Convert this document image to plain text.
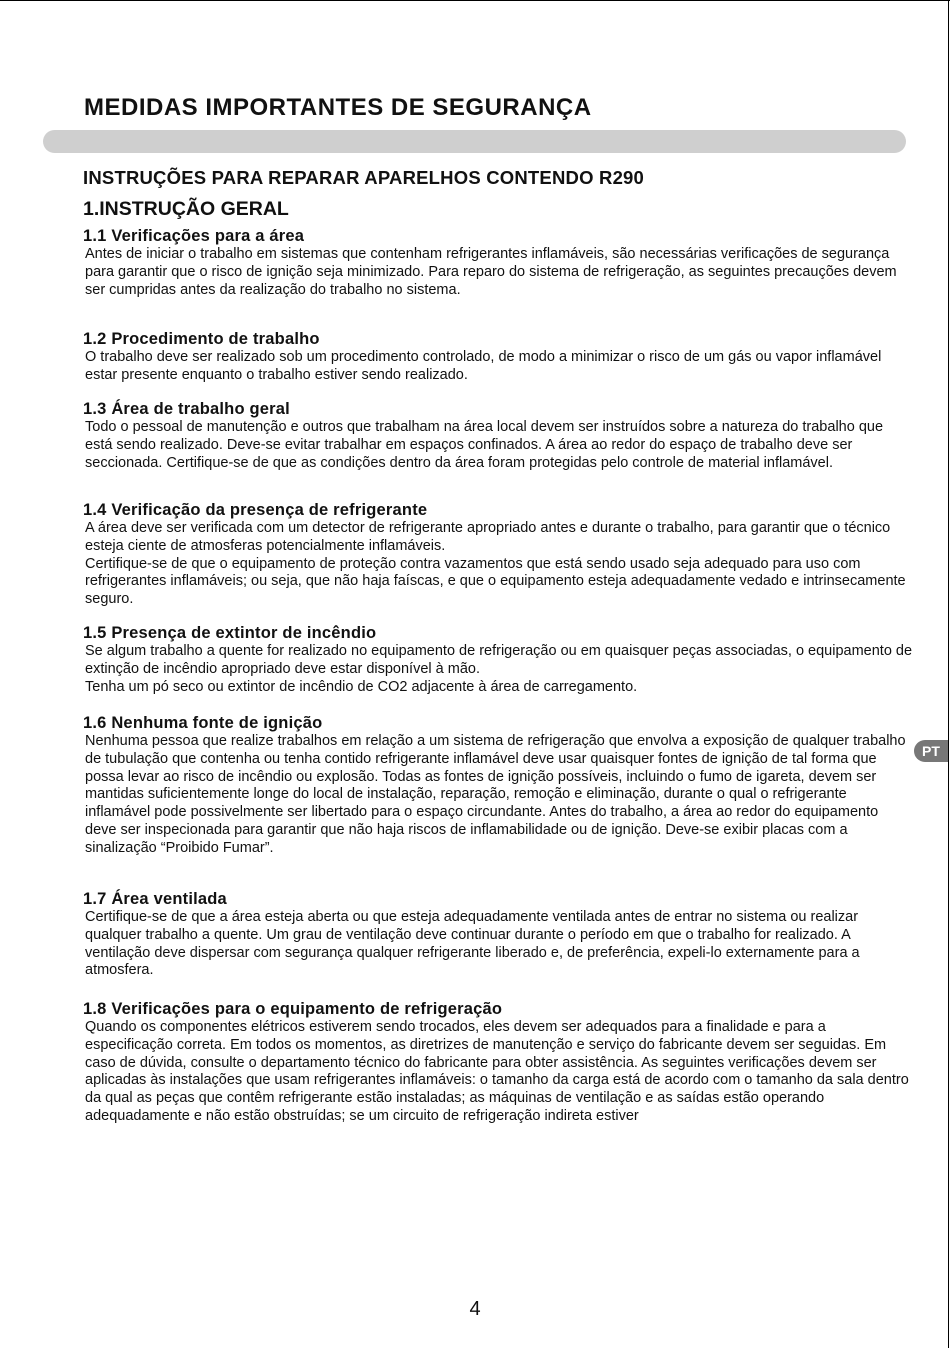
MEDIDAS IMPORTANTES DE SEGURANÇA
INSTRUÇÕES PARA REPARAR APARELHOS CONTENDO R290
1.INSTRUÇÃO GERAL
1.1 Verificações para a área

Antes de iniciar o trabalho em sistemas que contenham refrigerantes inflamáveis, são necessárias verificações de segurança para garantir que o risco de ignição seja minimizado. Para reparo do sistema de refrigeração, as seguintes precauções devem ser cumpridas antes da realização do trabalho no sistema.

1.2 Procedimento de trabalho

O trabalho deve ser realizado sob um procedimento controlado, de modo a minimizar o risco de um gás ou vapor inflamável estar presente enquanto o trabalho estiver sendo realizado.

1.3 Área de trabalho geral

Todo o pessoal de manutenção e outros que trabalham na área local devem ser instruídos sobre a natureza do trabalho que está sendo realizado. Deve-se evitar trabalhar em espaços confinados. A área ao redor do espaço de trabalho deve ser seccionada. Certifique-se de que as condições dentro da área foram protegidas pelo controle de material inflamável.

1.4 Verificação da presença de refrigerante

A área deve ser verificada com um detector de refrigerante apropriado antes e durante o trabalho, para garantir que o técnico esteja ciente de atmosferas potencialmente inflamáveis.

Certifique-se de que o equipamento de proteção contra vazamentos que está sendo usado seja adequado para uso com refrigerantes inflamáveis; ou seja, que não haja faíscas, e que o equipamento esteja adequadamente vedado e intrinsecamente seguro.

1.5 Presença de extintor de incêndio

Se algum trabalho a quente for realizado no equipamento de refrigeração ou em quaisquer peças associadas, o equipamento de extinção de incêndio apropriado deve estar disponível à mão.

Tenha um pó seco ou extintor de incêndio de CO2 adjacente à área de carregamento.

1.6 Nenhuma fonte de ignição

Nenhuma pessoa que realize trabalhos em relação a um sistema de refrigeração que envolva a exposição de qualquer trabalho de tubulação que contenha ou tenha contido refrigerante inflamável deve usar quaisquer fontes de ignição de tal forma que possa levar ao risco de incêndio ou explosão. Todas as fontes de ignição possíveis, incluindo o fumo de igareta, devem ser mantidas suficientemente longe do local de instalação, reparação, remoção e eliminação, durante o qual o refrigerante inflamável pode possivelmente ser libertado para o espaço circundante. Antes do trabalho, a área ao redor do equipamento deve ser inspecionada para garantir que não haja riscos de inflamabilidade ou de ignição. Deve-se exibir placas com a sinalização “Proibido Fumar”.

1.7 Área ventilada

Certifique-se de que a área esteja aberta ou que esteja adequadamente ventilada antes de entrar no sistema ou realizar qualquer trabalho a quente. Um grau de ventilação deve continuar durante o período em que o trabalho for realizado. A ventilação deve dispersar com segurança qualquer refrigerante liberado e, de preferência, expeli-lo externamente para a atmosfera.

1.8 Verificações para o equipamento de refrigeração

Quando os componentes elétricos estiverem sendo trocados, eles devem ser adequados para a finalidade e para a especificação correta. Em todos os momentos, as diretrizes de manutenção e serviço do fabricante devem ser seguidas. Em caso de dúvida, consulte o departamento técnico do fabricante para obter assistência. As seguintes verificações devem ser aplicadas às instalações que usam refrigerantes inflamáveis: o tamanho da carga está de acordo com o tamanho da sala dentro da qual as peças que contêm refrigerante estão instaladas; as máquinas de ventilação e as saídas estão operando adequadamente e não estão obstruídas; se um circuito de refrigeração indireta estiver

PT
4
